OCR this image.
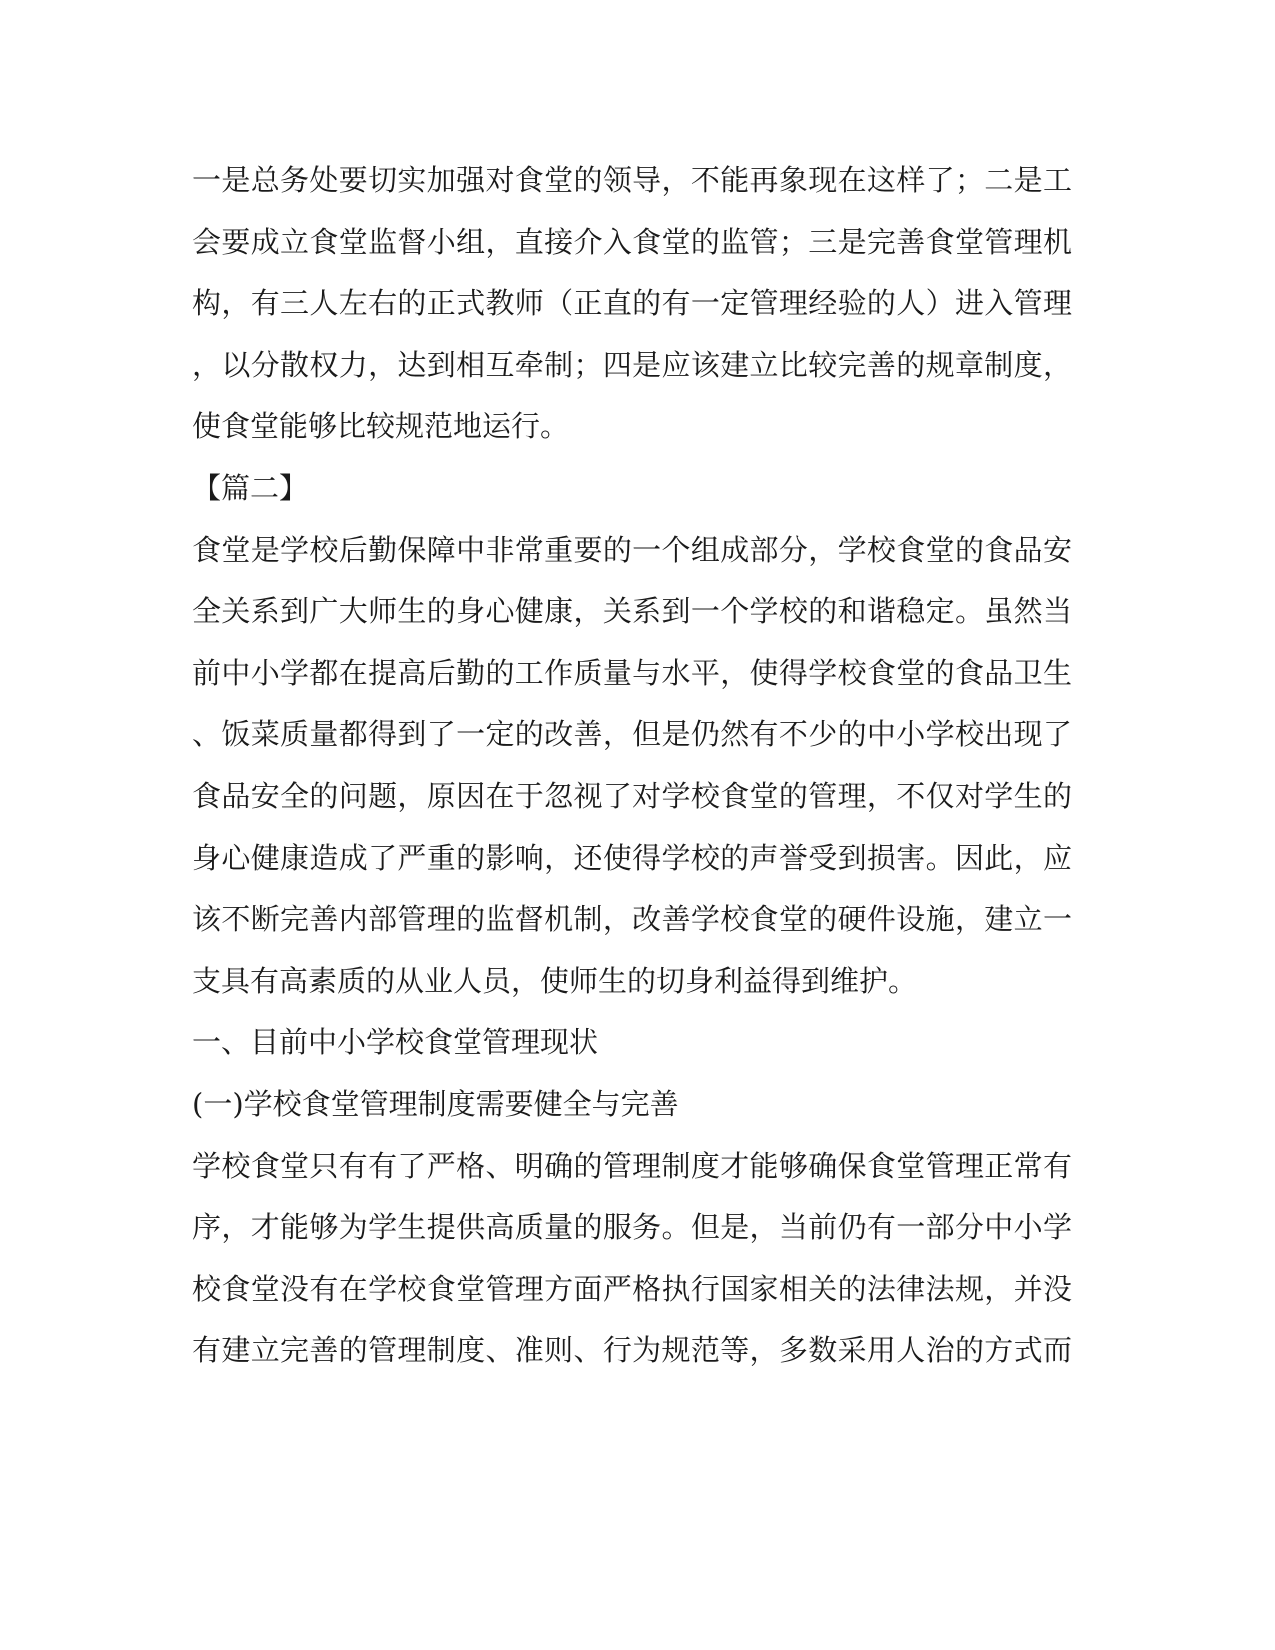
一是总务处要切实加强对食堂的领导，不能再象现在这样了；二是工
会要成立食堂监督小组，直接介入食堂的监管；三是完善食堂管理机
构，有三人左右的正式教师（正直的有一定管理经验的人）进入管理
，以分散权力，达到相互牵制；四是应该建立比较完善的规章制度，
使食堂能够比较规范地运行。
【篇二】
食堂是学校后勤保障中非常重要的一个组成部分，学校食堂的食品安
全关系到广大师生的身心健康，关系到一个学校的和谐稳定。虽然当
前中小学都在提高后勤的工作质量与水平，使得学校食堂的食品卫生
、饭菜质量都得到了一定的改善，但是仍然有不少的中小学校出现了
食品安全的问题，原因在于忽视了对学校食堂的管理，不仅对学生的
身心健康造成了严重的影响，还使得学校的声誉受到损害。因此，应
该不断完善内部管理的监督机制，改善学校食堂的硬件设施，建立一
支具有高素质的从业人员，使师生的切身利益得到维护。
一、目前中小学校食堂管理现状
(一)学校食堂管理制度需要健全与完善
学校食堂只有有了严格、明确的管理制度才能够确保食堂管理正常有
序，才能够为学生提供高质量的服务。但是，当前仍有一部分中小学
校食堂没有在学校食堂管理方面严格执行国家相关的法律法规，并没
有建立完善的管理制度、准则、行为规范等，多数采用人治的方式而
